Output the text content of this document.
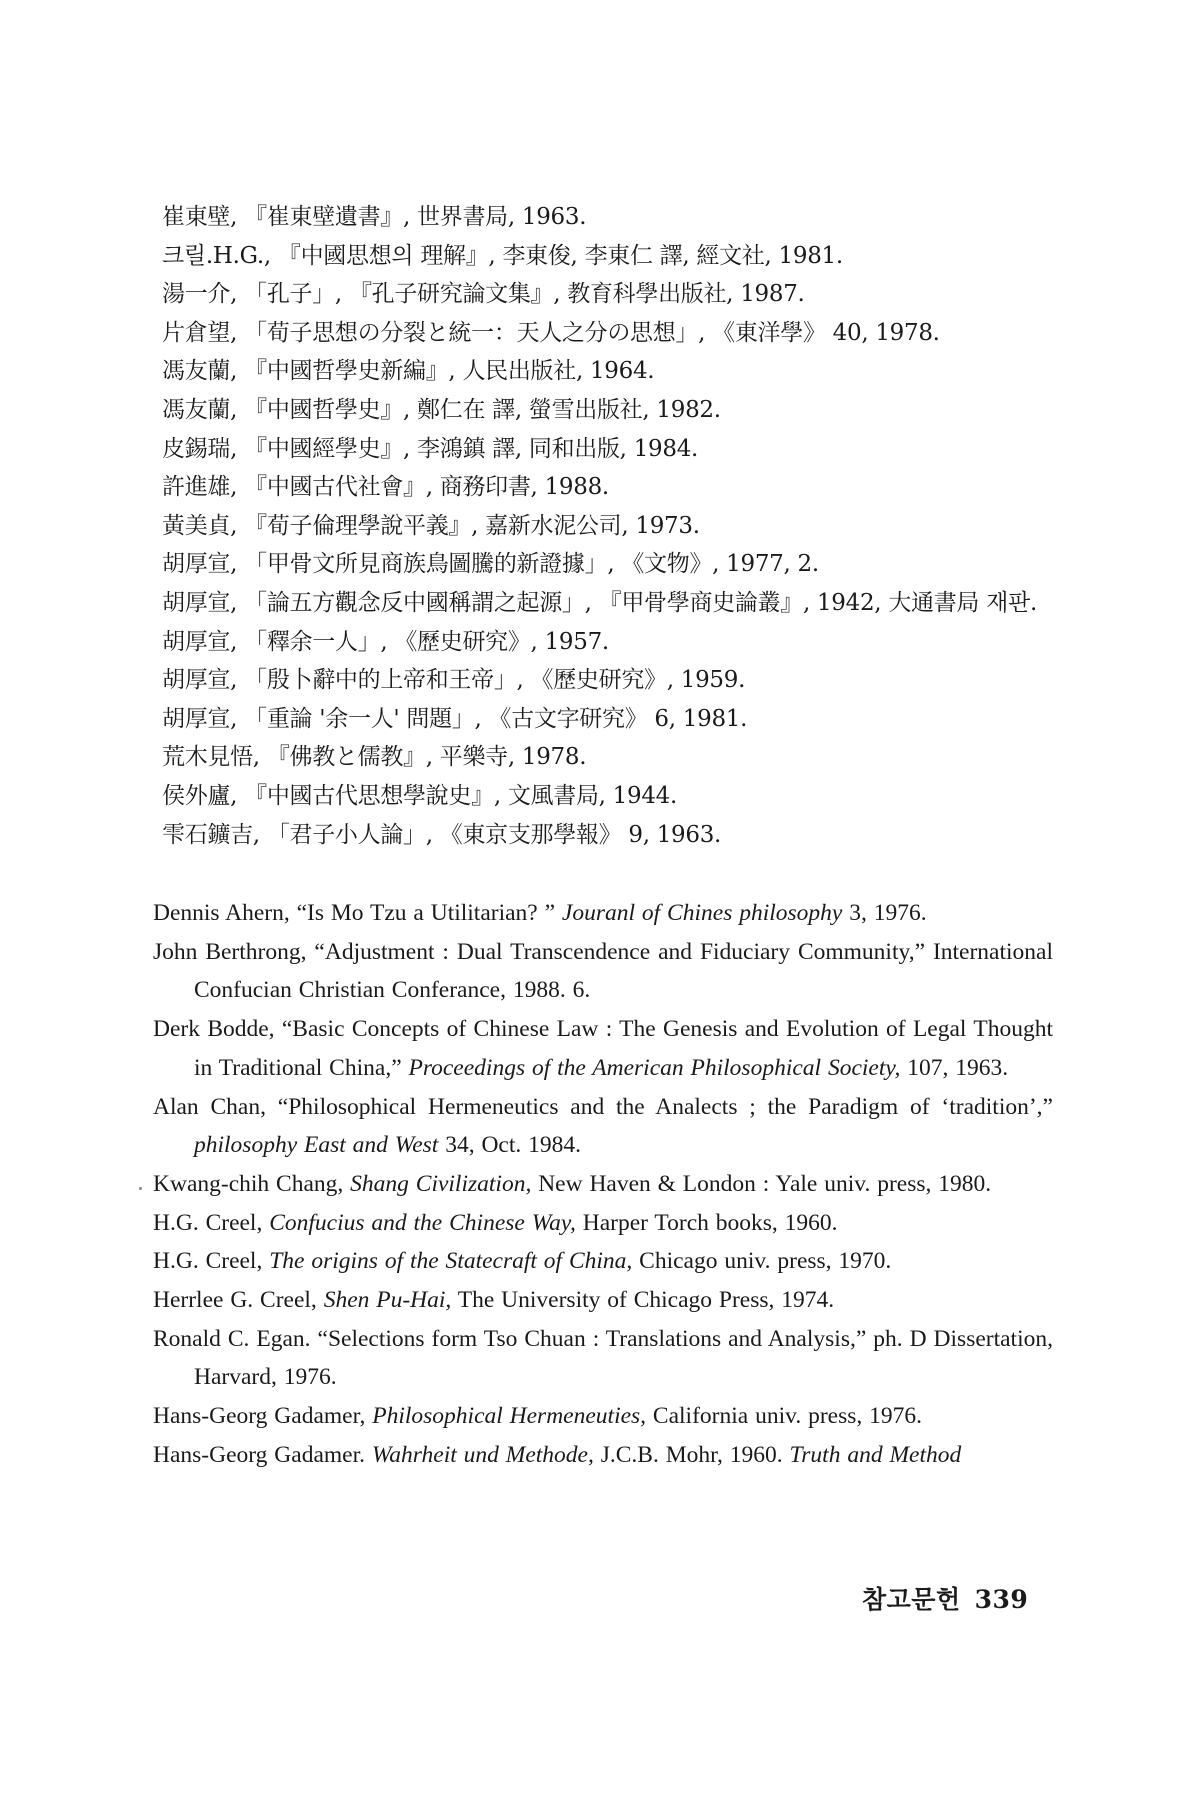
崔東壁, 『崔東壁遺書』, 世界書局, 1963.
크릴.H.G., 『中國思想의 理解』, 李東俊, 李東仁 譯, 經文社, 1981.
湯一介, 「孔子」, 『孔子研究論文集』, 教育科學出版社, 1987.
片倉望, 「荀子思想の分裂と統一：天人之分の思想」, 《東洋學》 40, 1978.
馮友蘭, 『中國哲學史新編』, 人民出版社, 1964.
馮友蘭, 『中國哲學史』, 鄭仁在 譯, 螢雪出版社, 1982.
皮錫瑞, 『中國經學史』, 李鴻鎮 譯, 同和出版, 1984.
許進雄, 『中國古代社會』, 商務印書, 1988.
黃美貞, 『荀子倫理學說平義』, 嘉新水泥公司, 1973.
胡厚宣, 「甲骨文所見商族鳥圖騰的新證據」, 《文物》, 1977, 2.
胡厚宣, 「論五方觀念反中國稱謂之起源」, 『甲骨學商史論叢』, 1942, 大通書局 재판.
胡厚宣, 「釋余一人」, 《歷史研究》, 1957.
胡厚宣, 「殷卜辭中的上帝和王帝」, 《歷史研究》, 1959.
胡厚宣, 「重論 '余一人' 問題」, 《古文字研究》 6, 1981.
荒木見悟, 『佛教と儒教』, 平樂寺, 1978.
侯外廬, 『中國古代思想學說史』, 文風書局, 1944.
雫石鑛吉, 「君子小人論」, 《東京支那學報》 9, 1963.
Dennis Ahern, “Is Mo Tzu a Utilitarian? ” Jouranl of Chines philosophy 3, 1976.
John Berthrong, “Adjustment : Dual Transcendence and Fiduciary Community,” International Confucian Christian Conferance, 1988. 6.
Derk Bodde, “Basic Concepts of Chinese Law : The Genesis and Evolution of Legal Thought in Traditional China,” Proceedings of the American Philosophical Society, 107, 1963.
Alan Chan, “Philosophical Hermeneutics and the Analects ; the Paradigm of ‘tradition’,” philosophy East and West 34, Oct. 1984.
Kwang-chih Chang, Shang Civilization, New Haven & London : Yale univ. press, 1980.
H.G. Creel, Confucius and the Chinese Way, Harper Torch books, 1960.
H.G. Creel, The origins of the Statecraft of China, Chicago univ. press, 1970.
Herrlee G. Creel, Shen Pu-Hai, The University of Chicago Press, 1974.
Ronald C. Egan. “Selections form Tso Chuan : Translations and Analysis,” ph. D Dissertation, Harvard, 1976.
Hans-Georg Gadamer, Philosophical Hermeneuties, California univ. press, 1976.
Hans-Georg Gadamer. Wahrheit und Methode, J.C.B. Mohr, 1960. Truth and Method
참고문헌 339
